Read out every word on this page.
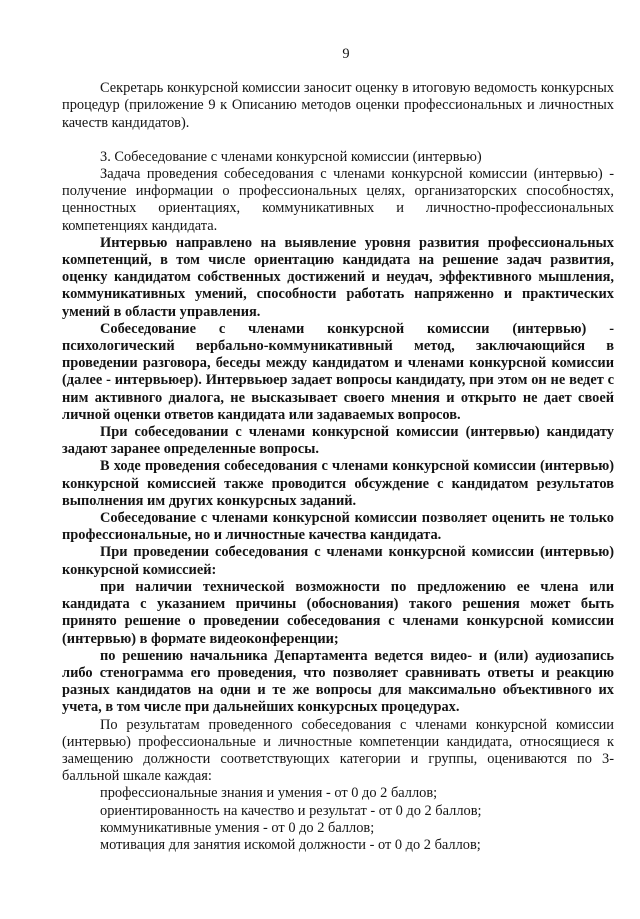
9

Секретарь конкурсной комиссии заносит оценку в итоговую ведомость конкурсных процедур (приложение 9 к Описанию методов оценки профессиональных и личностных качеств кандидатов).

3. Собеседование с членами конкурсной комиссии (интервью)

Задача проведения собеседования с членами конкурсной комиссии (интервью) - получение информации о профессиональных целях, организаторских способностях, ценностных ориентациях, коммуникативных и личностно-профессиональных компетенциях кандидата.

Интервью направлено на выявление уровня развития профессиональных компетенций, в том числе ориентацию кандидата на решение задач развития, оценку кандидатом собственных достижений и неудач, эффективного мышления, коммуникативных умений, способности работать напряженно и практических умений в области управления.

Собеседование с членами конкурсной комиссии (интервью) - психологический вербально-коммуникативный метод, заключающийся в проведении разговора, беседы между кандидатом и членами конкурсной комиссии (далее - интервьюер). Интервьюер задает вопросы кандидату, при этом он не ведет с ним активного диалога, не высказывает своего мнения и открыто не дает своей личной оценки ответов кандидата или задаваемых вопросов.

При собеседовании с членами конкурсной комиссии (интервью) кандидату задают заранее определенные вопросы.

В ходе проведения собеседования с членами конкурсной комиссии (интервью) конкурсной комиссией также проводится обсуждение с кандидатом результатов выполнения им других конкурсных заданий.

Собеседование с членами конкурсной комиссии позволяет оценить не только профессиональные, но и личностные качества кандидата.

При проведении собеседования с членами конкурсной комиссии (интервью) конкурсной комиссией:

при наличии технической возможности по предложению ее члена или кандидата с указанием причины (обоснования) такого решения может быть принято решение о проведении собеседования с членами конкурсной комиссии (интервью) в формате видеоконференции;

по решению начальника Департамента ведется видео- и (или) аудиозапись либо стенограмма его проведения, что позволяет сравнивать ответы и реакцию разных кандидатов на одни и те же вопросы для максимально объективного их учета, в том числе при дальнейших конкурсных процедурах.

По результатам проведенного собеседования с членами конкурсной комиссии (интервью) профессиональные и личностные компетенции кандидата, относящиеся к замещению должности соответствующих категории и группы, оцениваются по 3-балльной шкале каждая:

профессиональные знания и умения - от 0 до 2 баллов;

ориентированность на качество и результат - от 0 до 2 баллов;

коммуникативные умения - от 0 до 2 баллов;

мотивация для занятия искомой должности - от 0 до 2 баллов;
